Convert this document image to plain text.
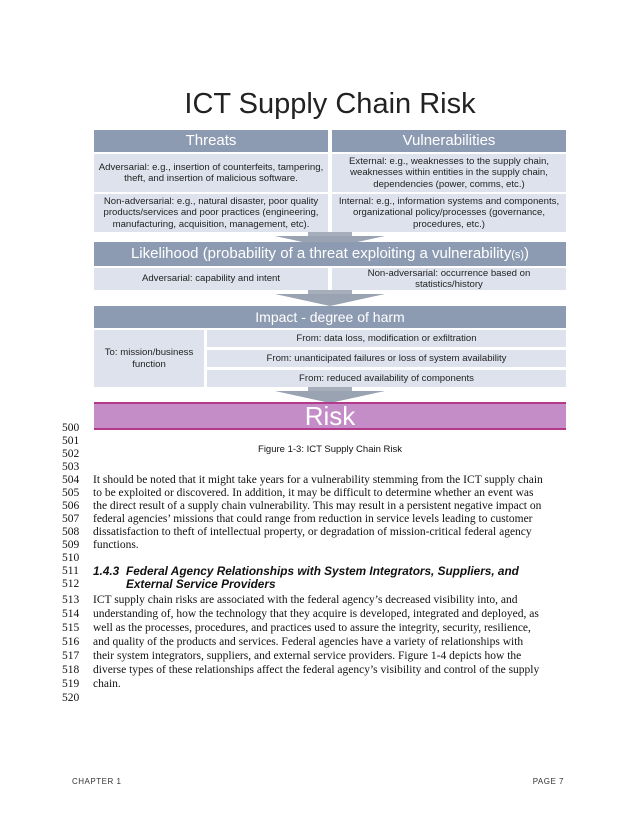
ICT Supply Chain Risk
Threats	Vulnerabilities
Adversarial: e.g., insertion of counterfeits, tampering, theft, and insertion of malicious software.
External: e.g., weaknesses to the supply chain, weaknesses within entities in the supply chain, dependencies (power, comms, etc.)
Non-adversarial: e.g., natural disaster, poor quality products/services and poor practices (engineering, manufacturing, acquisition, management, etc).
Internal: e.g., information systems and components, organizational policy/processes (governance, procedures, etc.)
Likelihood (probability of a threat exploiting a vulnerability(s))
Adversarial: capability and intent
Non-adversarial: occurrence based on statistics/history
Impact - degree of harm
To: mission/business function
From: data loss, modification or exfiltration
From: unanticipated failures or loss of system availability
From: reduced availability of components
Risk
500
501
502
503
504
505
506
507
508
509
510
511
512
513
514
515
516
517
518
519
520
Figure 1-3: ICT Supply Chain Risk
It should be noted that it might take years for a vulnerability stemming from the ICT supply chain
to be exploited or discovered. In addition, it may be difficult to determine whether an event was
the direct result of a supply chain vulnerability. This may result in a persistent negative impact on
federal agencies’ missions that could range from reduction in service levels leading to customer
dissatisfaction to theft of intellectual property, or degradation of mission-critical federal agency
functions.
1.4.3 Federal Agency Relationships with System Integrators, Suppliers, and
External Service Providers
ICT supply chain risks are associated with the federal agency’s decreased visibility into, and
understanding of, how the technology that they acquire is developed, integrated and deployed, as
well as the processes, procedures, and practices used to assure the integrity, security, resilience,
and quality of the products and services. Federal agencies have a variety of relationships with
their system integrators, suppliers, and external service providers. Figure 1-4 depicts how the
diverse types of these relationships affect the federal agency’s visibility and control of the supply
chain.
CHAPTER 1	PAGE 7
